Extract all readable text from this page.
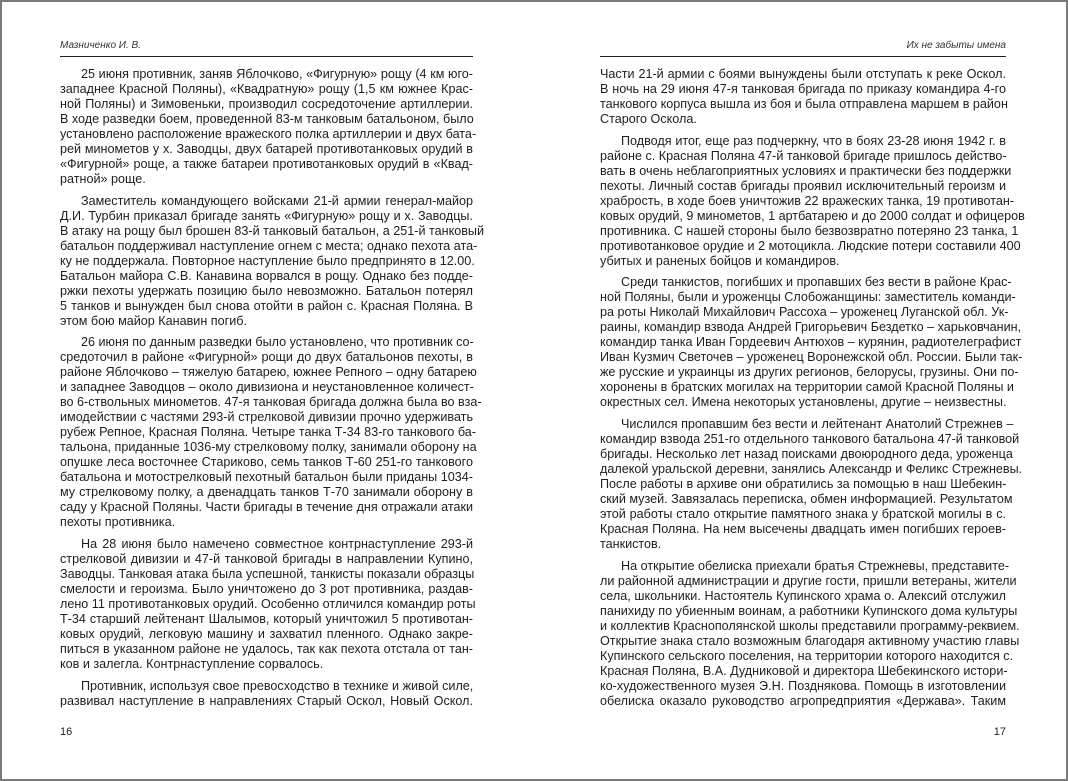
Мазниченко И. В.
25 июня противник, заняв Яблочково, «Фигурную» рощу (4 км юго-
западнее Красной Поляны), «Квадратную» рощу (1,5 км южнее Крас-
ной Поляны) и Зимовеньки, производил сосредоточение артиллерии.
В ходе разведки боем, проведенной 83-м танковым батальоном, было
установлено расположение вражеского полка артиллерии и двух бата-
рей минометов у х. Заводцы, двух батарей противотанковых орудий в
«Фигурной» роще, а также батареи противотанковых орудий в «Квад-
ратной» роще.
Заместитель командующего войсками 21-й армии генерал-майор
Д.И. Турбин приказал бригаде занять «Фигурную» рощу и х. Заводцы.
В атаку на рощу был брошен 83-й танковый батальон, а 251-й танковый
батальон поддерживал наступление огнем с места; однако пехота ата-
ку не поддержала. Повторное наступление было предпринято в 12.00.
Батальон майора С.В. Канавина ворвался в рощу. Однако без подде-
ржки пехоты удержать позицию было невозможно. Батальон потерял
5 танков и вынужден был снова отойти в район с. Красная Поляна. В
этом бою майор Канавин погиб.
26 июня по данным разведки было установлено, что противник со-
средоточил в районе «Фигурной» рощи до двух батальонов пехоты, в
районе Яблочково – тяжелую батарею, южнее Репного – одну батарею
и западнее Заводцов – около дивизиона и неустановленное количест-
во 6-ствольных минометов. 47-я танковая бригада должна была во вза-
имодействии с частями 293-й стрелковой дивизии прочно удерживать
рубеж Репное, Красная Поляна. Четыре танка Т-34 83-го танкового ба-
тальона, приданные 1036-му стрелковому полку, занимали оборону на
опушке леса восточнее Стариково, семь танков Т-60 251-го танкового
батальона и мотострелковый пехотный батальон были приданы 1034-
му стрелковому полку, а двенадцать танков Т-70 занимали оборону в
саду у Красной Поляны. Части бригады в течение дня отражали атаки
пехоты противника.
На 28 июня было намечено совместное контрнаступление 293-й
стрелковой дивизии и 47-й танковой бригады в направлении Купино,
Заводцы. Танковая атака была успешной, танкисты показали образцы
смелости и героизма. Было уничтожено до 3 рот противника, раздав-
лено 11 противотанковых орудий. Особенно отличился командир роты
Т-34 старший лейтенант Шалымов, который уничтожил 5 противотан-
ковых орудий, легковую машину и захватил пленного. Однако закре-
питься в указанном районе не удалось, так как пехота отстала от тан-
ков и залегла. Контрнаступление сорвалось.
Противник, используя свое превосходство в технике и живой силе,
развивал наступление в направлениях Старый Оскол, Новый Оскол.
16
Их не забыты имена
Части 21-й армии с боями вынуждены были отступать к реке Оскол.
В ночь на 29 июня 47-я танковая бригада по приказу командира 4-го
танкового корпуса вышла из боя и была отправлена маршем в район
Старого Оскола.
Подводя итог, еще раз подчеркну, что в боях 23-28 июня 1942 г. в
районе с. Красная Поляна 47-й танковой бригаде пришлось действо-
вать в очень неблагоприятных условиях и практически без поддержки
пехоты. Личный состав бригады проявил исключительный героизм и
храбрость, в ходе боев уничтожив 22 вражеских танка, 19 противотан-
ковых орудий, 9 минометов, 1 артбатарею и до 2000 солдат и офицеров
противника. С нашей стороны было безвозвратно потеряно 23 танка, 1
противотанковое орудие и 2 мотоцикла. Людские потери составили 400
убитых и раненых бойцов и командиров.
Среди танкистов, погибших и пропавших без вести в районе Крас-
ной Поляны, были и уроженцы Слобожанщины: заместитель команди-
ра роты Николай Михайлович Рассоха – уроженец Луганской обл. Ук-
раины, командир взвода Андрей Григорьевич Бездетко – харьковчанин,
командир танка Иван Гордеевич Антюхов – курянин, радиотелеграфист
Иван Кузмич Светочев – уроженец Воронежской обл. России. Были так-
же русские и украинцы из других регионов, белорусы, грузины. Они по-
хоронены в братских могилах на территории самой Красной Поляны и
окрестных сел. Имена некоторых установлены, другие – неизвестны.
Числился пропавшим без вести и лейтенант Анатолий Стрежнев –
командир взвода 251-го отдельного танкового батальона 47-й танковой
бригады. Несколько лет назад поисками двоюродного деда, уроженца
далекой уральской деревни, занялись Александр и Феликс Стрежневы.
После работы в архиве они обратились за помощью в наш Шебекин-
ский музей. Завязалась переписка, обмен информацией. Результатом
этой работы стало открытие памятного знака у братской могилы в с.
Красная Поляна. На нем высечены двадцать имен погибших героев-
танкистов.
На открытие обелиска приехали братья Стрежневы, представите-
ли районной администрации и другие гости, пришли ветераны, жители
села, школьники. Настоятель Купинского храма о. Алексий отслужил
панихиду по убиенным воинам, а работники Купинского дома культуры
и коллектив Краснополянской школы представили программу-реквием.
Открытие знака стало возможным благодаря активному участию главы
Купинского сельского поселения, на территории которого находится с.
Красная Поляна, В.А. Дудниковой и директора Шебекинского истори-
ко-художественного музея Э.Н. Позднякова. Помощь в изготовлении
обелиска оказало руководство агропредприятия «Держава». Таким
17
